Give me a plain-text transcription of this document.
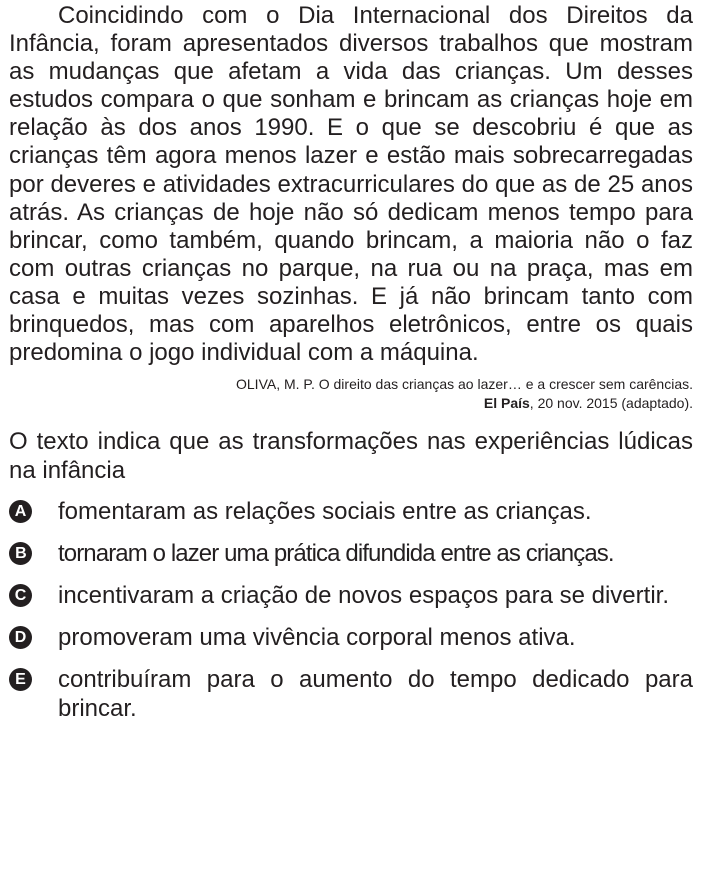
Coincidindo com o Dia Internacional dos Direitos da Infância, foram apresentados diversos trabalhos que mostram as mudanças que afetam a vida das crianças. Um desses estudos compara o que sonham e brincam as crianças hoje em relação às dos anos 1990. E o que se descobriu é que as crianças têm agora menos lazer e estão mais sobrecarregadas por deveres e atividades extracurriculares do que as de 25 anos atrás. As crianças de hoje não só dedicam menos tempo para brincar, como também, quando brincam, a maioria não o faz com outras crianças no parque, na rua ou na praça, mas em casa e muitas vezes sozinhas. E já não brincam tanto com brinquedos, mas com aparelhos eletrônicos, entre os quais predomina o jogo individual com a máquina.

OLIVA, M. P. O direito das crianças ao lazer… e a crescer sem carências.
El País, 20 nov. 2015 (adaptado).

O texto indica que as transformações nas experiências lúdicas na infância

A fomentaram as relações sociais entre as crianças.
B tornaram o lazer uma prática difundida entre as crianças.
C incentivaram a criação de novos espaços para se divertir.
D promoveram uma vivência corporal menos ativa.
E contribuíram para o aumento do tempo dedicado para brincar.
